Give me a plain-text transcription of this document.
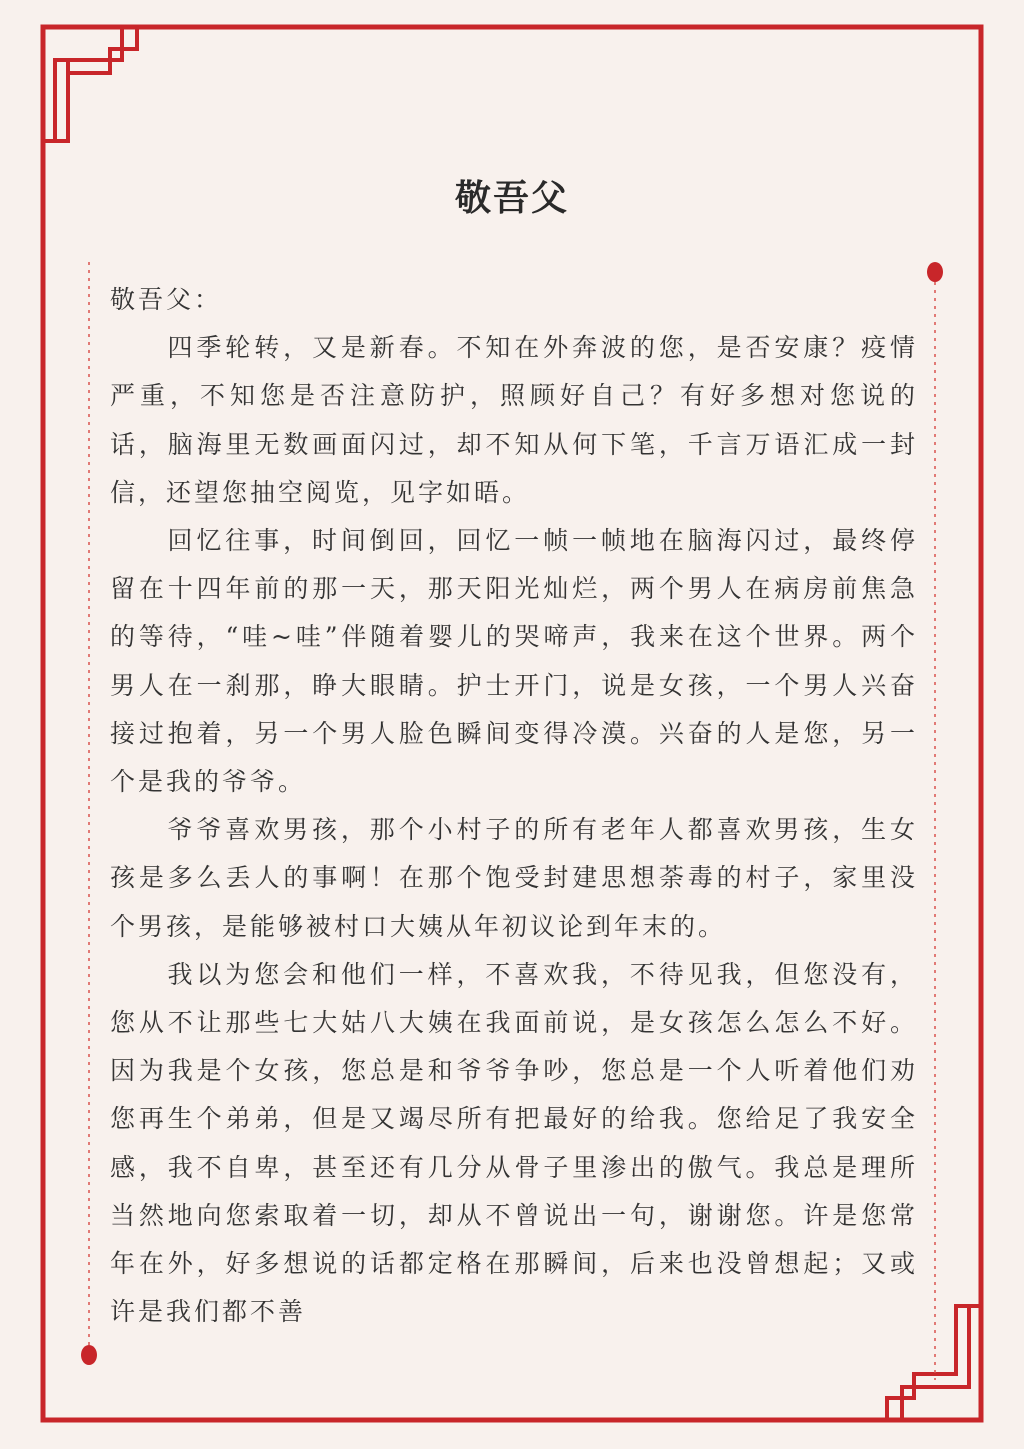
敬吾父

敬吾父：

四季轮转，又是新春。不知在外奔波的您，是否安康？疫情严重，不知您是否注意防护，照顾好自己？有好多想对您说的话，脑海里无数画面闪过，却不知从何下笔，千言万语汇成一封信，还望您抽空阅览，见字如晤。

回忆往事，时间倒回，回忆一帧一帧地在脑海闪过，最终停留在十四年前的那一天，那天阳光灿烂，两个男人在病房前焦急的等待，“哇~哇”伴随着婴儿的哭啼声，我来在这个世界。两个男人在一刹那，睁大眼睛。护士开门，说是女孩，一个男人兴奋接过抱着，另一个男人脸色瞬间变得冷漠。兴奋的人是您，另一个是我的爷爷。

爷爷喜欢男孩，那个小村子的所有老年人都喜欢男孩，生女孩是多么丢人的事啊！在那个饱受封建思想荼毒的村子，家里没个男孩，是能够被村口大姨从年初议论到年末的。

我以为您会和他们一样，不喜欢我，不待见我，但您没有，您从不让那些七大姑八大姨在我面前说，是女孩怎么怎么不好。因为我是个女孩，您总是和爷爷争吵，您总是一个人听着他们劝您再生个弟弟，但是又竭尽所有把最好的给我。您给足了我安全感，我不自卑，甚至还有几分从骨子里渗出的傲气。我总是理所当然地向您索取着一切，却从不曾说出一句，谢谢您。许是您常年在外，好多想说的话都定格在那瞬间，后来也没曾想起；又或许是我们都不善
